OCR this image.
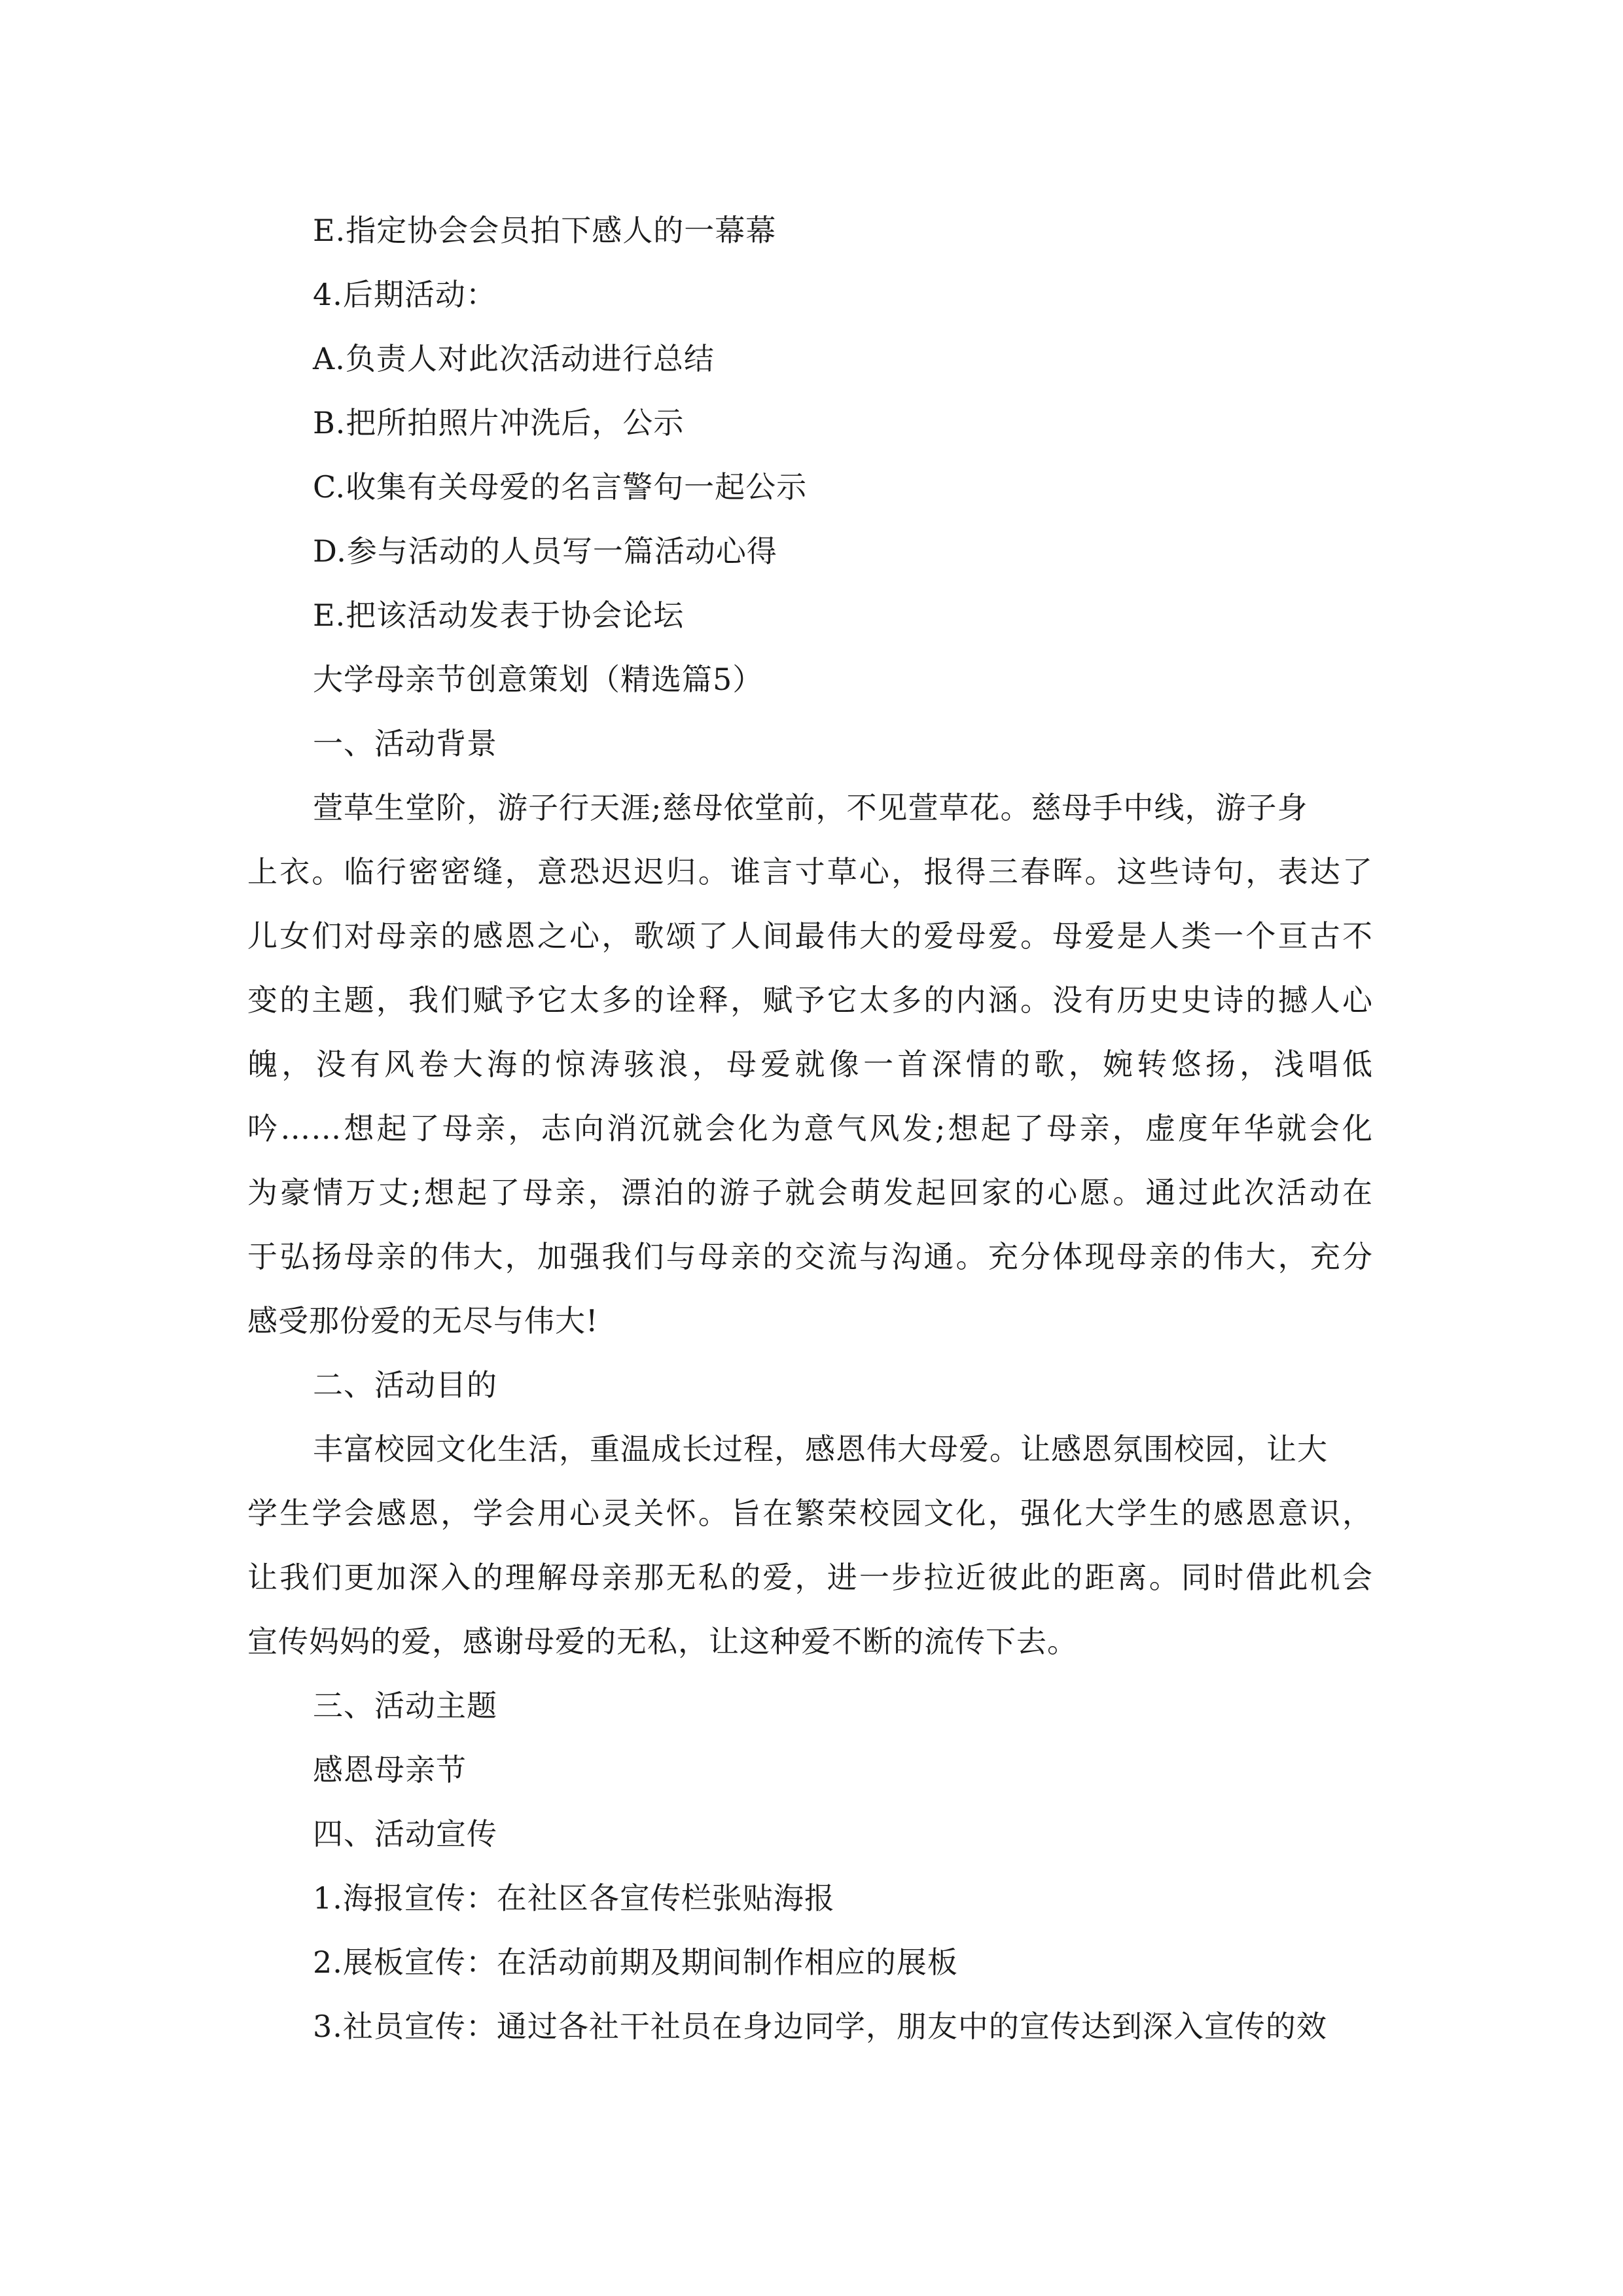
E.指定协会会员拍下感人的一幕幕
4.后期活动：
A.负责人对此次活动进行总结
B.把所拍照片冲洗后，公示
C.收集有关母爱的名言警句一起公示
D.参与活动的人员写一篇活动心得
E.把该活动发表于协会论坛
大学母亲节创意策划（精选篇5）
一、活动背景
萱草生堂阶，游子行天涯;慈母依堂前，不见萱草花。慈母手中线，游子身
上衣。临行密密缝，意恐迟迟归。谁言寸草心，报得三春晖。这些诗句，表达了
儿女们对母亲的感恩之心，歌颂了人间最伟大的爱母爱。母爱是人类一个亘古不
变的主题，我们赋予它太多的诠释，赋予它太多的内涵。没有历史史诗的撼人心
魄，没有风卷大海的惊涛骇浪，母爱就像一首深情的歌，婉转悠扬，浅唱低
吟……想起了母亲，志向消沉就会化为意气风发;想起了母亲，虚度年华就会化
为豪情万丈;想起了母亲，漂泊的游子就会萌发起回家的心愿。通过此次活动在
于弘扬母亲的伟大，加强我们与母亲的交流与沟通。充分体现母亲的伟大，充分
感受那份爱的无尽与伟大!
二、活动目的
丰富校园文化生活，重温成长过程，感恩伟大母爱。让感恩氛围校园，让大
学生学会感恩，学会用心灵关怀。旨在繁荣校园文化，强化大学生的感恩意识，
让我们更加深入的理解母亲那无私的爱，进一步拉近彼此的距离。同时借此机会
宣传妈妈的爱，感谢母爱的无私，让这种爱不断的流传下去。
三、活动主题
感恩母亲节
四、活动宣传
1.海报宣传：在社区各宣传栏张贴海报
2.展板宣传：在活动前期及期间制作相应的展板
3.社员宣传：通过各社干社员在身边同学，朋友中的宣传达到深入宣传的效
